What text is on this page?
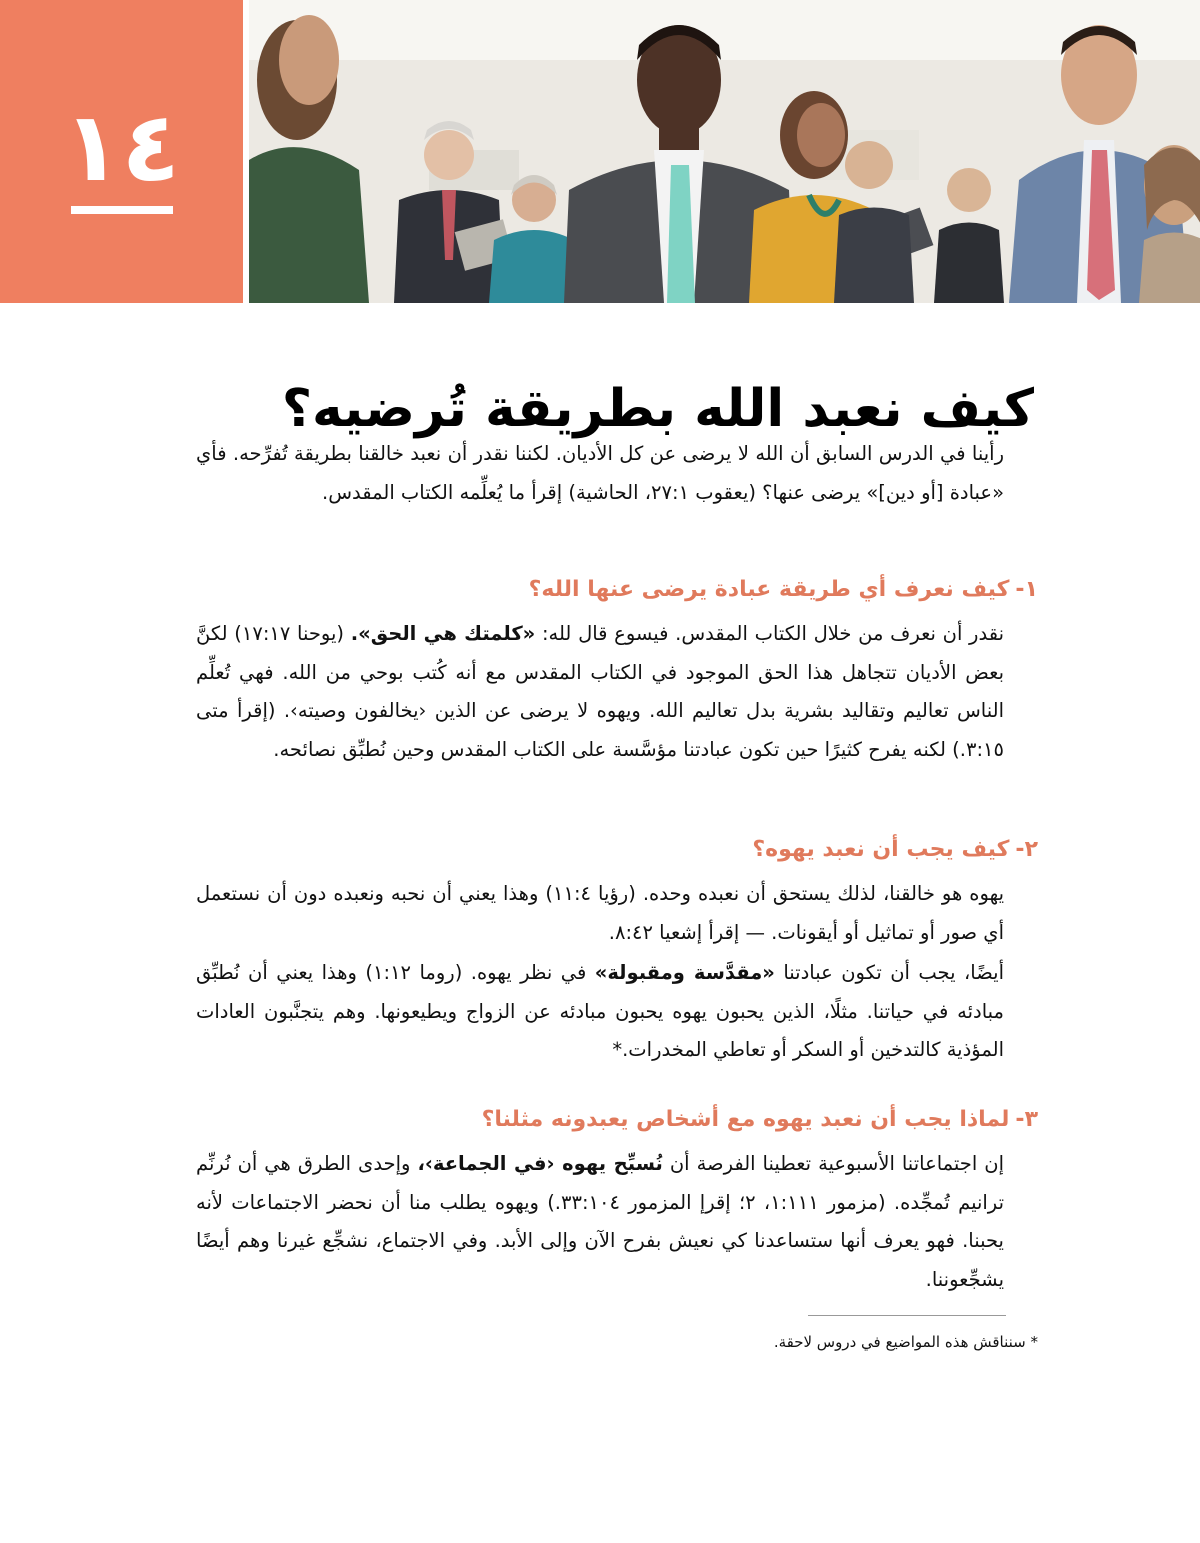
١٤
كيف نعبد الله بطريقة تُرضيه؟

رأينا في الدرس السابق أن الله لا يرضى عن كل الأديان. لكننا نقدر أن نعبد خالقنا بطريقة تُفرِّحه. فأي «عبادة [أو دين]» يرضى عنها؟ (يعقوب ١:‏٢٧، الحاشية) إقرأ ما يُعلِّمه الكتاب المقدس.

١-كيف نعرف أي طريقة عبادة يرضى عنها الله؟

نقدر أن نعرف من خلال الكتاب المقدس. فيسوع قال لله: «كلمتك هي الحق». (يوحنا ١٧:‏١٧) لكنَّ بعض الأديان تتجاهل هذا الحق الموجود في الكتاب المقدس مع أنه كُتب بوحي من الله. فهي تُعلِّم الناس تعاليم وتقاليد بشرية بدل تعاليم الله. ويهوه لا يرضى عن الذين ‹يخالفون وصيته›. (إقرأ متى ١٥:‏٣.) لكنه يفرح كثيرًا حين تكون عبادتنا مؤسَّسة على الكتاب المقدس وحين نُطبِّق نصائحه.

٢-كيف يجب أن نعبد يهوه؟

يهوه هو خالقنا، لذلك يستحق أن نعبده وحده. (رؤيا ٤:‏١١) وهذا يعني أن نحبه ونعبده دون أن نستعمل أي صور أو تماثيل أو أيقونات. — إقرأ إشعيا ٤٢:‏٨.

أيضًا، يجب أن تكون عبادتنا «مقدَّسة ومقبولة» في نظر يهوه. (روما ١٢:‏١) وهذا يعني أن نُطبِّق مبادئه في حياتنا. مثلًا، الذين يحبون يهوه يحبون مبادئه عن الزواج ويطيعونها. وهم يتجنَّبون العادات المؤذية كالتدخين أو السكر أو تعاطي المخدرات.*

٣-لماذا يجب أن نعبد يهوه مع أشخاص يعبدونه مثلنا؟

إن اجتماعاتنا الأسبوعية تعطينا الفرصة أن نُسبِّح يهوه ‹في الجماعة›، وإحدى الطرق هي أن نُرنِّم ترانيم تُمجِّده. (مزمور ١١١:‏١، ٢؛ إقرإ المزمور ١٠٤:‏٣٣.) ويهوه يطلب منا أن نحضر الاجتماعات لأنه يحبنا. فهو يعرف أنها ستساعدنا كي نعيش بفرح الآن وإلى الأبد. وفي الاجتماع، نشجِّع غيرنا وهم أيضًا يشجِّعوننا.

* سنناقش هذه المواضيع في دروس لاحقة.
